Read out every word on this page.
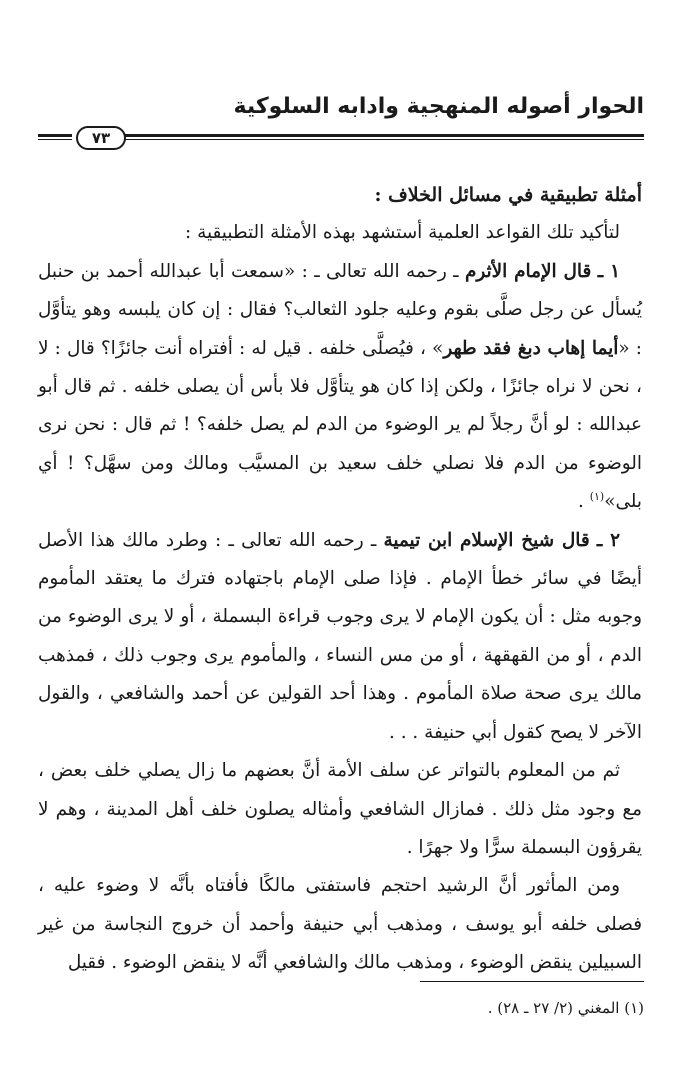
الحوار أصوله المنهجية وادابه السلوكية
٧٣

أمثلة تطبيقية في مسائل الخلاف :

لتأكيد تلك القواعد العلمية أستشهد بهذه الأمثلة التطبيقية :

١ ـ قال الإمام الأثرم ـ رحمه الله تعالى ـ : «سمعت أبا عبدالله أحمد بن حنبل يُسأل عن رجل صلَّى بقوم وعليه جلود الثعالب؟ فقال : إن كان يلبسه وهو يتأوَّل : «أيما إهاب دبغ فقد طهر» ، فيُصلَّى خلفه . قيل له : أفتراه أنت جائزًا؟ قال : لا ، نحن لا نراه جائزًا ، ولكن إذا كان هو يتأوَّل فلا بأس أن يصلى خلفه . ثم قال أبو عبدالله : لو أنَّ رجلاً لم ير الوضوء من الدم لم يصل خلفه؟ ! ثم قال : نحن نرى الوضوء من الدم فلا نصلي خلف سعيد بن المسيَّب ومالك ومن سهَّل؟ ! أي بلى»$^{(١)}$ .

٢ ـ قال شيخ الإسلام ابن تيمية ـ رحمه الله تعالى ـ : وطرد مالك هذا الأصل أيضًا في سائر خطأ الإمام . فإذا صلى الإمام باجتهاده فترك ما يعتقد المأموم وجوبه مثل : أن يكون الإمام لا يرى وجوب قراءة البسملة ، أو لا يرى الوضوء من الدم ، أو من القهقهة ، أو من مس النساء ، والمأموم يرى وجوب ذلك ، فمذهب مالك يرى صحة صلاة المأموم . وهذا أحد القولين عن أحمد والشافعي ، والقول الآخر لا يصح كقول أبي حنيفة . . .

ثم من المعلوم بالتواتر عن سلف الأمة أنَّ بعضهم ما زال يصلي خلف بعض ، مع وجود مثل ذلك . فمازال الشافعي وأمثاله يصلون خلف أهل المدينة ، وهم لا يقرؤون البسملة سرًّا ولا جهرًا .

ومن المأثور أنَّ الرشيد احتجم فاستفتى مالكًا فأفتاه بأنَّه لا وضوء عليه ، فصلى خلفه أبو يوسف ، ومذهب أبي حنيفة وأحمد أن خروج النجاسة من غير السبيلين ينقض الوضوء ، ومذهب مالك والشافعي أنَّه لا ينقض الوضوء . فقيل

(١) المغني (٢/ ٢٧ ـ ٢٨) .
